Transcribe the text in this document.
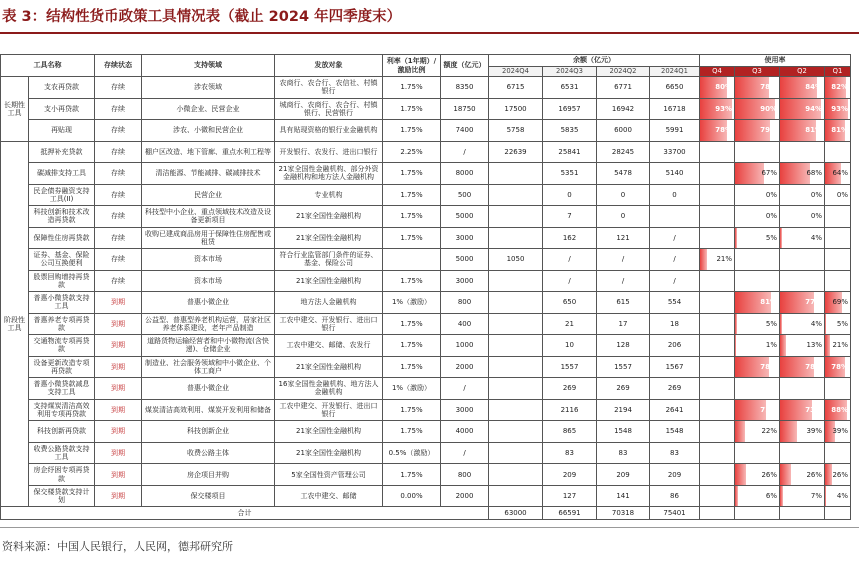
表 3：结构性货币政策工具情况表（截止 2024 年四季度末）
工具名称		存续状态	支持领域	发放对象	利率（1年期）/激励比例	额度（亿元）	余额（亿元）				使用率			
							2024Q4	2024Q3	2024Q2	2024Q1	Q4	Q3	Q2	Q1
长期性工具	支农再贷款	存续	涉农领域	农商行、农合行、农信社、村镇银行	1.75%	8350	6715	6531	6771	6650	80%	78%	84%	82%

	支小再贷款	存续	小微企业、民营企业	城商行、农商行、农合行、村镇银行、民营银行	1.75%	18750	17500	16957	16942	16718	93%	90%	94%	93%

	再贴现	存续	涉农、小微和民营企业	具有贴现资格的银行业金融机构	1.75%	7400	5758	5835	6000	5991	78%	79%	81%	81%

阶段性工具	抵押补充贷款	存续	棚户区改造、地下管廊、重点水利工程等	开发银行、农发行、进出口银行	2.25%	/	22639	25841	28245	33700	

	碳减排支持工具	存续	清洁能源、节能减排、碳减排技术	21家全国性金融机构、部分外资金融机构和地方法人金融机构	1.75%	8000		5351	5478	5140		67%	68%	64%

	民企债券融资支持工具(II)	存续	民营企业	专业机构	1.75%	500		0	0	0		0%	0%	0%

	科技创新和技术改造再贷款	存续	科技型中小企业、重点领域技术改造及设备更新项目	21家全国性金融机构	1.75%	5000		7	0			0%	0%	

	保障性住房再贷款	存续	收购已建成商品房用于保障性住房配售或租赁	21家全国性金融机构	1.75%	3000		162	121	/		5%	4%	

	证券、基金、保险公司互换便利	存续	资本市场	符合行业监管部门条件的证券、基金、保险公司		5000	1050	/	/	/	21%			

	股票回购增持再贷款	存续	资本市场	21家全国性金融机构	1.75%	3000		/	/	/	

	普惠小微贷款支持工具	到期	普惠小微企业	地方法人金融机构	1%（激励）	800		650	615	554		81%	77%	69%

	普惠养老专项再贷款	到期	公益型、普惠型养老机构运营，居家社区养老体系建设，老年产品制造	工农中建交、开发银行、进出口银行	1.75%	400		21	17	18		5%	4%	5%

	交通物流专项再贷款	到期	道路货物运输经营者和中小微物流(含快递)、仓储企业	工农中建交、邮储、农发行	1.75%	1000		10	128	206		1%	13%	21%

	设备更新改造专项再贷款	到期	制造业、社会服务领域和中小微企业、个体工商户	21家全国性金融机构	1.75%	2000		1557	1557	1567		78%	78%	78%

	普惠小微贷款减息支持工具	到期	普惠小微企业	16家全国性金融机构、地方法人金融机构	1%（激励）	/		269	269	269	

	支持煤炭清洁高效利用专项再贷款	到期	煤炭清洁高效利用、煤炭开发利用和储备	工农中建交、开发银行、进出口银行	1.75%	3000		2116	2194	2641		71%	73%	88%

	科技创新再贷款	到期	科技创新企业	21家全国性金融机构	1.75%	4000		865	1548	1548		22%	39%	39%

	收费公路贷款支持工具	到期	收费公路主体	21家全国性金融机构	0.5%（激励）	/		83	83	83	

	房企纾困专项再贷款	到期	房企项目并购	5家全国性资产管理公司	1.75%	800		209	209	209		26%	26%	26%

	保交楼贷款支持计划	到期	保交楼项目	工农中建交、邮储	0.00%	2000		127	141	86		6%	7%	4%

合计							63000	66591	70318	75401				
资料来源：中国人民银行，人民网，德邦研究所
